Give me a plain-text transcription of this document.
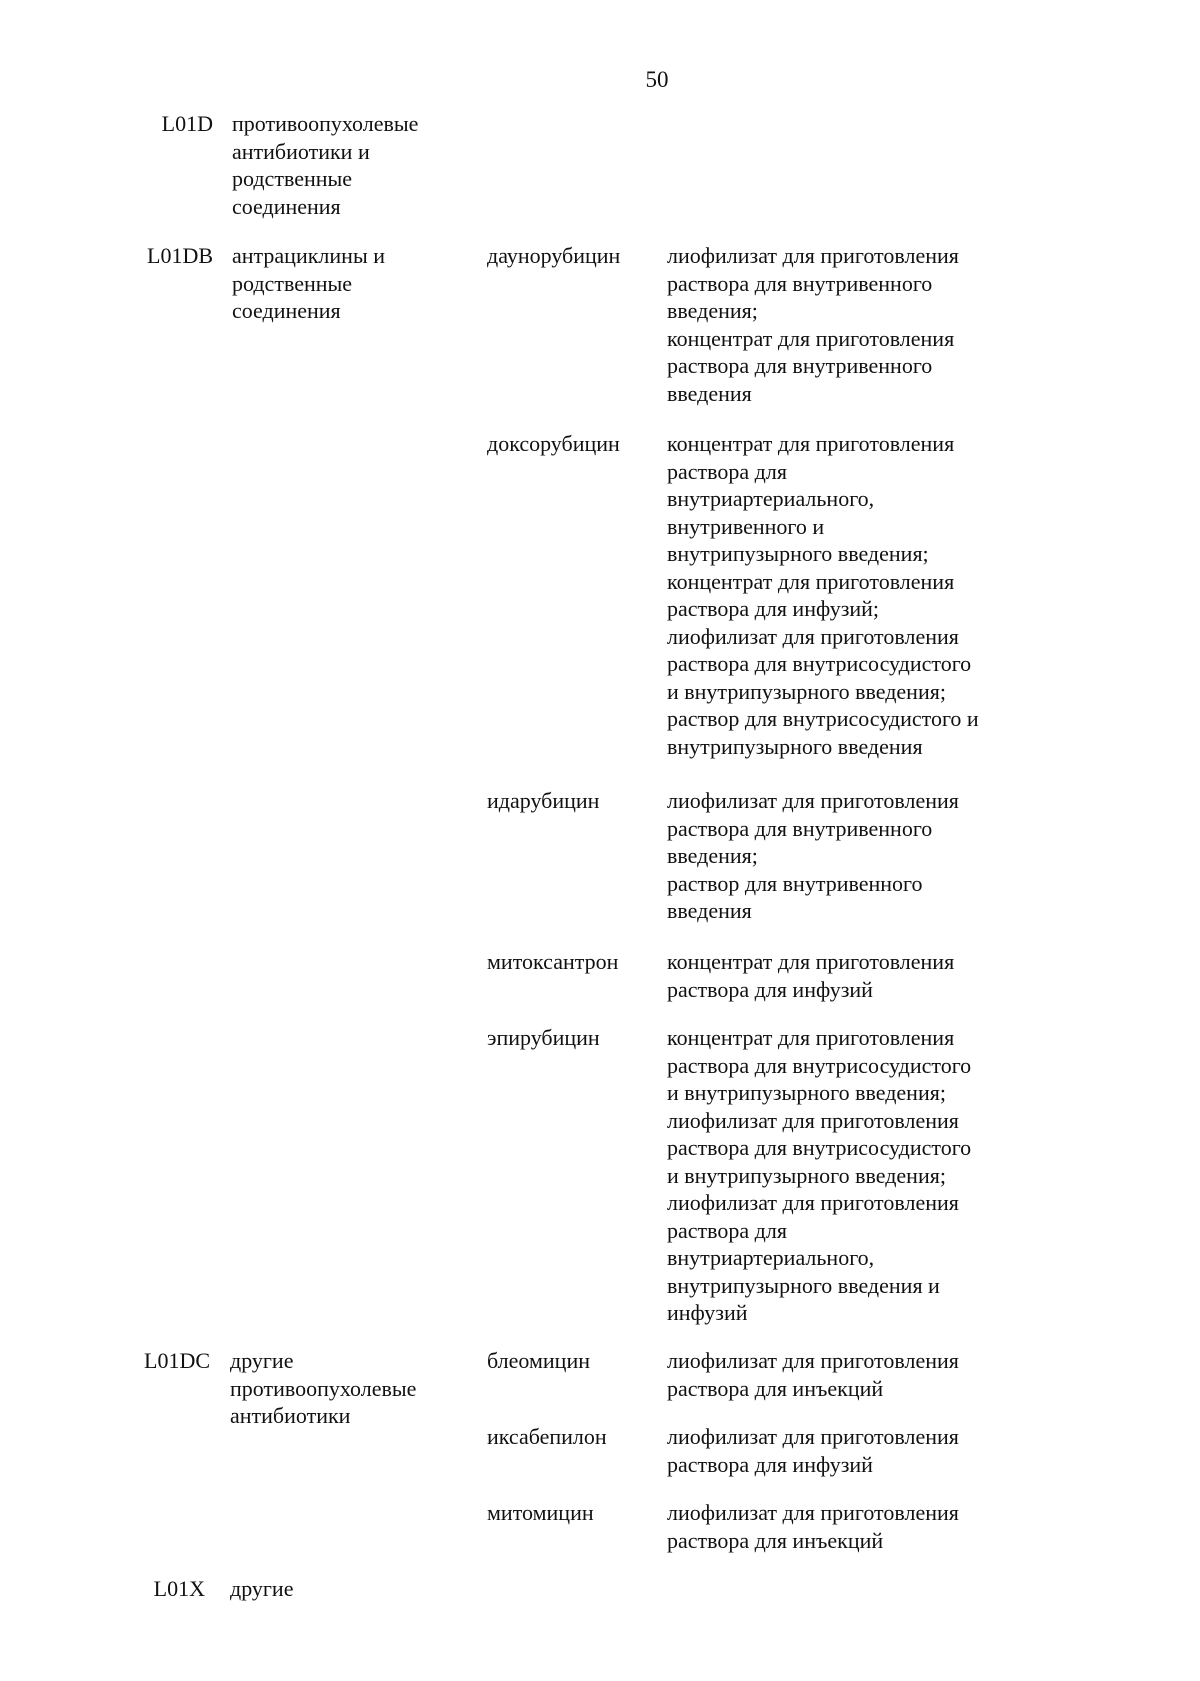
50
L01D противоопухолевые
антибиотики и
родственные
соединения
L01DB антрациклины и
родственные
соединения
даунорубицин	лиофилизат для приготовления
раствора для внутривенного
введения;
концентрат для приготовления
раствора для внутривенного
введения
доксорубицин	концентрат для приготовления
раствора для
внутриартериального,
внутривенного и
внутрипузырного введения;
концентрат для приготовления
раствора для инфузий;
лиофилизат для приготовления
раствора для внутрисосудистого
и внутрипузырного введения;
раствор для внутрисосудистого и
внутрипузырного введения
идарубицин	лиофилизат для приготовления
раствора для внутривенного
введения;
раствор для внутривенного
введения
митоксантрон	концентрат для приготовления
раствора для инфузий
эпирубицин	концентрат для приготовления
раствора для внутрисосудистого
и внутрипузырного введения;
лиофилизат для приготовления
раствора для внутрисосудистого
и внутрипузырного введения;
лиофилизат для приготовления
раствора для
внутриартериального,
внутрипузырного введения и
инфузий
L01DC другие
противоопухолевые
антибиотики
блеомицин	лиофилизат для приготовления
раствора для инъекций
иксабепилон	лиофилизат для приготовления
раствора для инфузий
митомицин	лиофилизат для приготовления
раствора для инъекций
L01X другие
